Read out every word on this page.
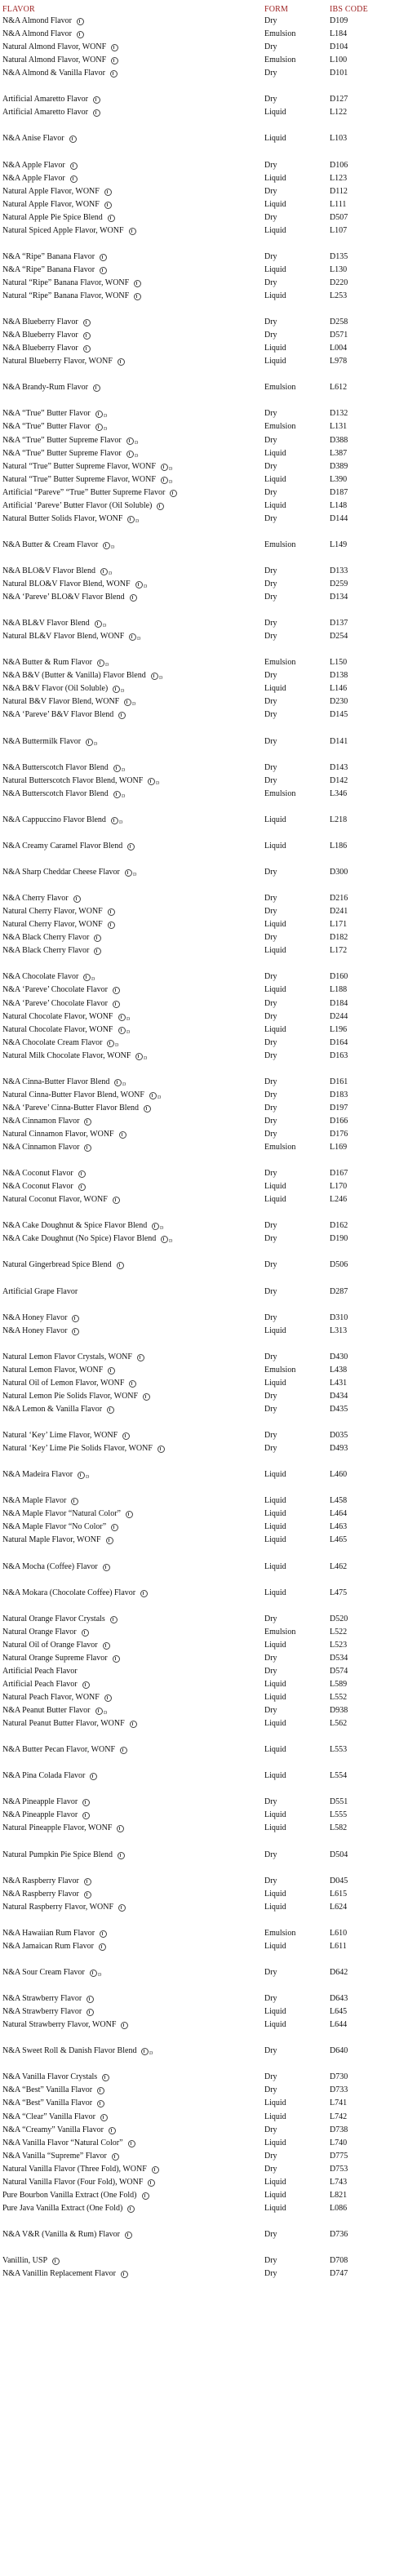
FLAVOR	FORM	IBS CODE
N&A Almond Flavor	Dry	D109
N&A Almond Flavor	Emulsion	L184
Natural Almond Flavor, WONF	Dry	D104
Natural Almond Flavor, WONF	Emulsion	L100
N&A Almond & Vanilla Flavor	Dry	D101
Artificial Amaretto Flavor	Dry	D127
Artificial Amaretto Flavor	Liquid	L122
N&A Anise Flavor	Liquid	L103
N&A Apple Flavor	Dry	D106
N&A Apple Flavor	Liquid	L123
Natural Apple Flavor, WONF	Dry	D112
Natural Apple Flavor, WONF	Liquid	L111
Natural Apple Pie Spice Blend	Dry	D507
Natural Spiced Apple Flavor, WONF	Liquid	L107
N&A “Ripe” Banana Flavor	Dry	D135
N&A “Ripe” Banana Flavor	Liquid	L130
Natural “Ripe” Banana Flavor, WONF	Dry	D220
Natural “Ripe” Banana Flavor, WONF	Liquid	L253
N&A Blueberry Flavor	Dry	D258
N&A Blueberry Flavor	Dry	D571
N&A Blueberry Flavor	Liquid	L004
Natural Blueberry Flavor, WONF	Liquid	L978
N&A Brandy-Rum Flavor	Emulsion	L612
N&A “True” Butter Flavor D	Dry	D132
N&A “True” Butter Flavor D	Emulsion	L131
N&A “True” Butter Supreme Flavor D	Dry	D388
N&A “True” Butter Supreme Flavor D	Liquid	L387
Natural “True” Butter Supreme Flavor, WONF D	Dry	D389
Natural “True” Butter Supreme Flavor, WONF D	Liquid	L390
Artificial “Pareve” “True” Butter Supreme Flavor	Dry	D187
Artificial ‘Pareve’ Butter Flavor (Oil Soluble)	Liquid	L148
Natural Butter Solids Flavor, WONF D	Dry	D144
N&A Butter & Cream Flavor D	Emulsion	L149
N&A BLO&V Flavor Blend D	Dry	D133
Natural BLO&V Flavor Blend, WONF D	Dry	D259
N&A ‘Pareve’ BLO&V Flavor Blend	Dry	D134
N&A BL&V Flavor Blend D	Dry	D137
Natural BL&V Flavor Blend, WONF D	Dry	D254
N&A Butter & Rum Flavor D	Emulsion	L150
N&A B&V (Butter & Vanilla) Flavor Blend D	Dry	D138
N&A B&V Flavor (Oil Soluble) D	Liquid	L146
Natural B&V Flavor Blend, WONF D	Dry	D230
N&A ‘Pareve’ B&V Flavor Blend	Dry	D145
N&A Buttermilk Flavor D	Dry	D141
N&A Butterscotch Flavor Blend D	Dry	D143
Natural Butterscotch Flavor Blend, WONF D	Dry	D142
N&A Butterscotch Flavor Blend D	Emulsion	L346
N&A Cappuccino Flavor Blend D	Liquid	L218
N&A Creamy Caramel Flavor Blend	Liquid	L186
N&A Sharp Cheddar Cheese Flavor D	Dry	D300
N&A Cherry Flavor	Dry	D216
Natural Cherry Flavor, WONF	Dry	D241
Natural Cherry Flavor, WONF	Liquid	L171
N&A Black Cherry Flavor	Dry	D182
N&A Black Cherry Flavor	Liquid	L172
N&A Chocolate Flavor D	Dry	D160
N&A ‘Pareve’ Chocolate Flavor	Liquid	L188
N&A ‘Pareve’ Chocolate Flavor	Dry	D184
Natural Chocolate Flavor, WONF D	Dry	D244
Natural Chocolate Flavor, WONF D	Liquid	L196
N&A Chocolate Cream Flavor D	Dry	D164
Natural Milk Chocolate Flavor, WONF D	Dry	D163
N&A Cinna-Butter Flavor Blend D	Dry	D161
Natural Cinna-Butter Flavor Blend, WONF D	Dry	D183
N&A ‘Pareve’ Cinna-Butter Flavor Blend	Dry	D197
N&A Cinnamon Flavor	Dry	D166
Natural Cinnamon Flavor, WONF	Dry	D176
N&A Cinnamon Flavor	Emulsion	L169
N&A Coconut Flavor	Dry	D167
N&A Coconut Flavor	Liquid	L170
Natural Coconut Flavor, WONF	Liquid	L246
N&A Cake Doughnut & Spice Flavor Blend D	Dry	D162
N&A Cake Doughnut (No Spice) Flavor Blend D	Dry	D190
Natural Gingerbread Spice Blend	Dry	D506
Artificial Grape Flavor	Dry	D287
N&A Honey Flavor	Dry	D310
N&A Honey Flavor	Liquid	L313
Natural Lemon Flavor Crystals, WONF	Dry	D430
Natural Lemon Flavor, WONF	Emulsion	L438
Natural Oil of Lemon Flavor, WONF	Liquid	L431
Natural Lemon Pie Solids Flavor, WONF	Dry	D434
N&A Lemon & Vanilla Flavor	Dry	D435
Natural ‘Key’ Lime Flavor, WONF	Dry	D035
Natural ‘Key’ Lime Pie Solids Flavor, WONF	Dry	D493
N&A Madeira Flavor D	Liquid	L460
N&A Maple Flavor	Liquid	L458
N&A Maple Flavor “Natural Color”	Liquid	L464
N&A Maple Flavor “No Color”	Liquid	L463
Natural Maple Flavor, WONF	Liquid	L465
N&A Mocha (Coffee) Flavor	Liquid	L462
N&A Mokara (Chocolate Coffee) Flavor	Liquid	L475
Natural Orange Flavor Crystals	Dry	D520
Natural Orange Flavor	Emulsion	L522
Natural Oil of Orange Flavor	Liquid	L523
Natural Orange Supreme Flavor	Dry	D534
Artificial Peach Flavor	Dry	D574
Artificial Peach Flavor	Liquid	L589
Natural Peach Flavor, WONF	Liquid	L552
N&A Peanut Butter Flavor D	Dry	D938
Natural Peanut Butter Flavor, WONF	Liquid	L562
N&A Butter Pecan Flavor, WONF	Liquid	L553
N&A Pina Colada Flavor	Liquid	L554
N&A Pineapple Flavor	Dry	D551
N&A Pineapple Flavor	Liquid	L555
Natural Pineapple Flavor, WONF	Liquid	L582
Natural Pumpkin Pie Spice Blend	Dry	D504
N&A Raspberry Flavor	Dry	D045
N&A Raspberry Flavor	Liquid	L615
Natural Raspberry Flavor, WONF	Liquid	L624
N&A Hawaiian Rum Flavor	Emulsion	L610
N&A Jamaican Rum Flavor	Liquid	L611
N&A Sour Cream Flavor D	Dry	D642
N&A Strawberry Flavor	Dry	D643
N&A Strawberry Flavor	Liquid	L645
Natural Strawberry Flavor, WONF	Liquid	L644
N&A Sweet Roll & Danish Flavor Blend D	Dry	D640
N&A Vanilla Flavor Crystals	Dry	D730
N&A “Best” Vanilla Flavor	Dry	D733
N&A “Best” Vanilla Flavor	Liquid	L741
N&A “Clear” Vanilla Flavor	Liquid	L742
N&A “Creamy” Vanilla Flavor	Dry	D738
N&A Vanilla Flavor “Natural Color”	Liquid	L740
N&A Vanilla “Supreme” Flavor	Dry	D775
Natural Vanilla Flavor (Three Fold), WONF	Dry	D753
Natural Vanilla Flavor (Four Fold), WONF	Liquid	L743
Pure Bourbon Vanilla Extract (One Fold)	Liquid	L821
Pure Java Vanilla Extract (One Fold)	Liquid	L086
N&A V&R (Vanilla & Rum) Flavor	Dry	D736
Vanillin, USP	Dry	D708
N&A Vanillin Replacement Flavor	Dry	D747
